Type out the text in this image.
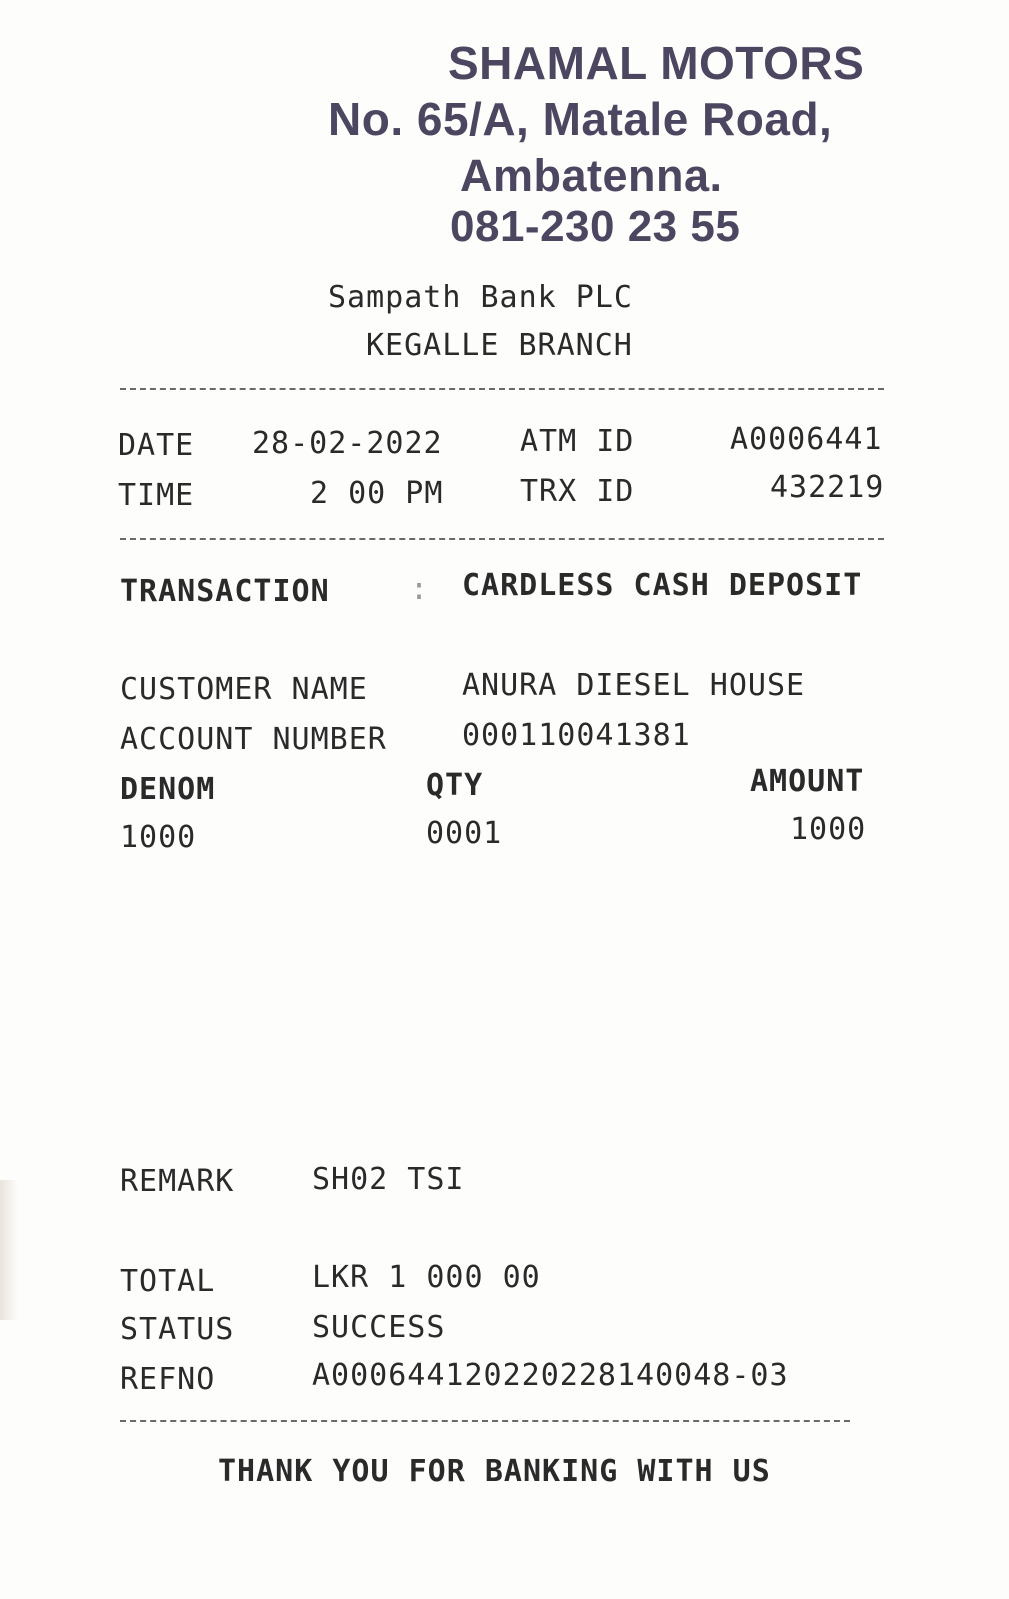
SHAMAL MOTORS
No. 65/A, Matale Road,
Ambatenna.
081-230 23 55
Sampath Bank PLC
KEGALLE BRANCH
DATE 28-02-2022	ATM ID	A0006441
TIME	2 00 PM	TRX ID	432219
TRANSACTION	: CARDLESS CASH DEPOSIT
CUSTOMER NAME	ANURA DIESEL HOUSE
ACCOUNT NUMBER	000110041381
DENOM	QTY	AMOUNT
1000	0001	1000
REMARK	SH02 TSI
TOTAL	LKR 1 000 00
STATUS	SUCCESS
REFNO	A000644120220228140048-03
THANK YOU FOR BANKING WITH US
